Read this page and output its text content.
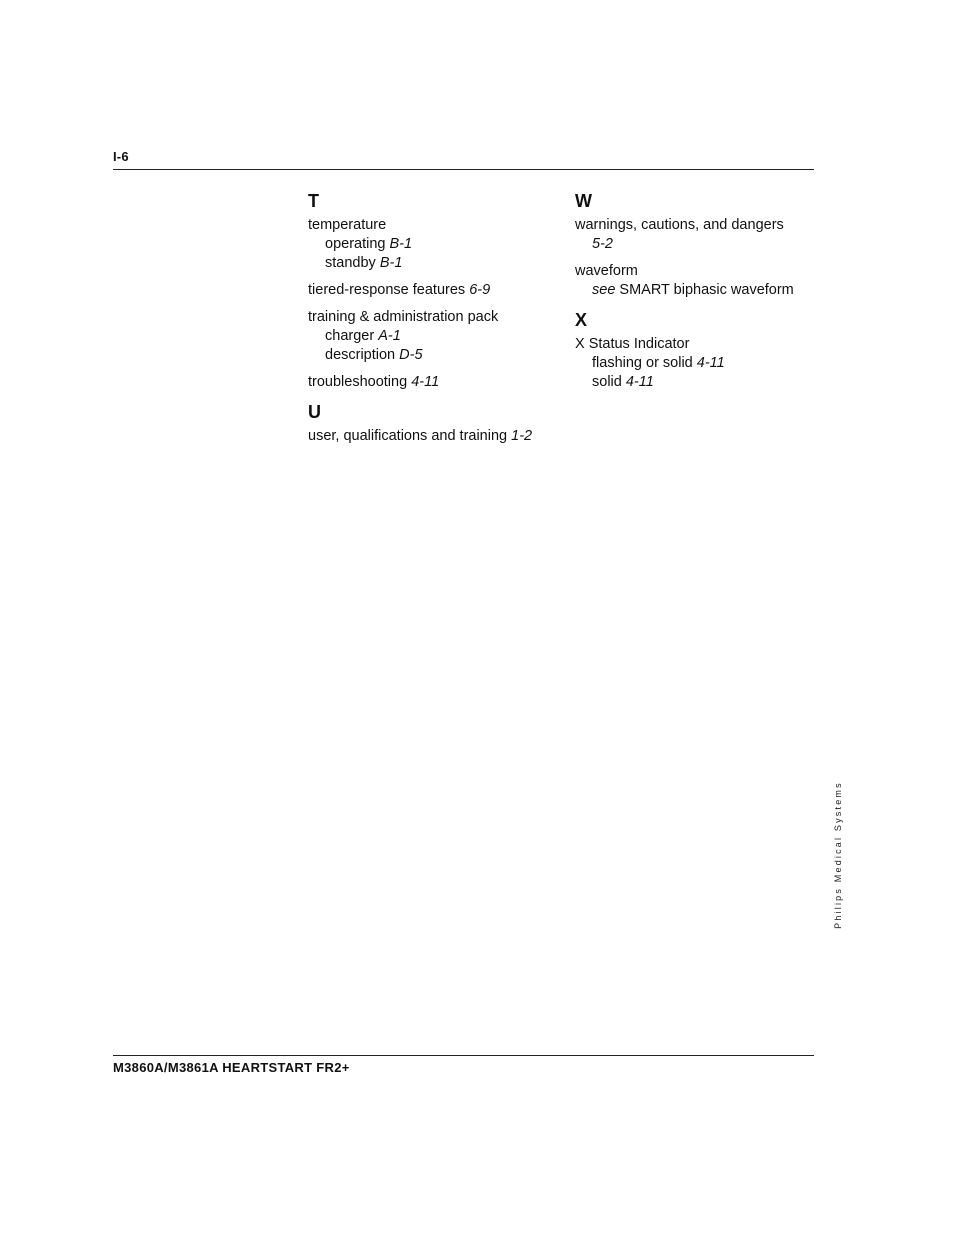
I-6
T
temperature
operating B-1
standby B-1
tiered-response features 6-9
training & administration pack
charger A-1
description D-5
troubleshooting 4-11
U
user, qualifications and training 1-2
W
warnings, cautions, and dangers
5-2
waveform
see SMART biphasic waveform
X
X Status Indicator
flashing or solid 4-11
solid 4-11
Philips Medical Systems
M3860A/M3861A HEARTSTART FR2+
